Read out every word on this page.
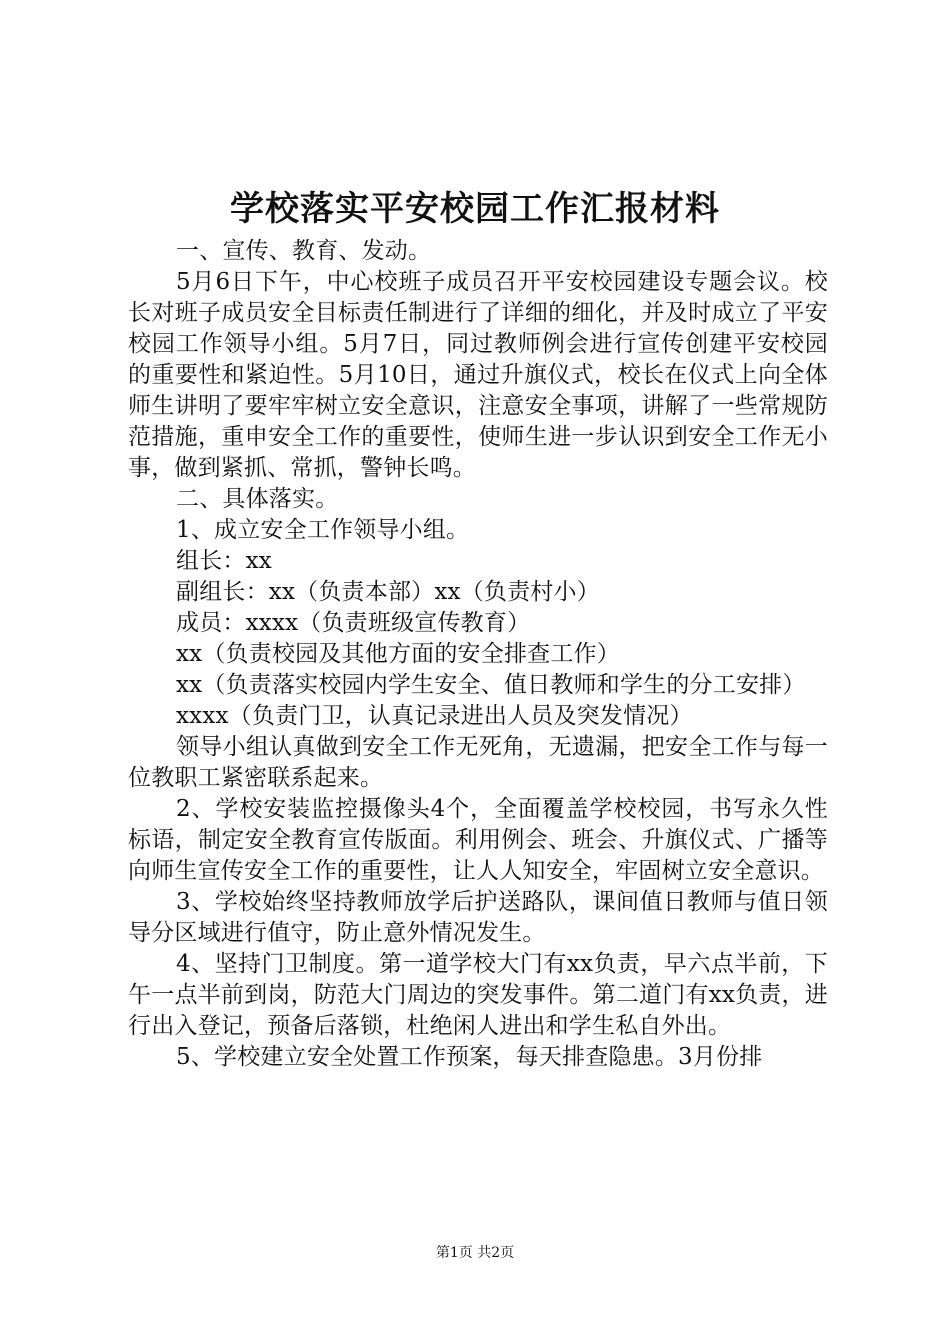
学校落实平安校园工作汇报材料

一、宣传、教育、发动。

5月6日下午，中心校班子成员召开平安校园建设专题会议。校长对班子成员安全目标责任制进行了详细的细化，并及时成立了平安校园工作领导小组。5月7日，同过教师例会进行宣传创建平安校园的重要性和紧迫性。5月10日，通过升旗仪式，校长在仪式上向全体师生讲明了要牢牢树立安全意识，注意安全事项，讲解了一些常规防范措施，重申安全工作的重要性，使师生进一步认识到安全工作无小事，做到紧抓、常抓，警钟长鸣。

二、具体落实。

1、成立安全工作领导小组。

组长：xx

副组长：xx（负责本部）xx（负责村小）

成员：xxxx（负责班级宣传教育）

xx（负责校园及其他方面的安全排查工作）

xx（负责落实校园内学生安全、值日教师和学生的分工安排）

xxxx（负责门卫，认真记录进出人员及突发情况）

领导小组认真做到安全工作无死角，无遗漏，把安全工作与每一位教职工紧密联系起来。

2、学校安装监控摄像头4个，全面覆盖学校校园，书写永久性标语，制定安全教育宣传版面。利用例会、班会、升旗仪式、广播等向师生宣传安全工作的重要性，让人人知安全，牢固树立安全意识。

3、学校始终坚持教师放学后护送路队，课间值日教师与值日领导分区域进行值守，防止意外情况发生。

4、坚持门卫制度。第一道学校大门有xx负责，早六点半前，下午一点半前到岗，防范大门周边的突发事件。第二道门有xx负责，进行出入登记，预备后落锁，杜绝闲人进出和学生私自外出。

5、学校建立安全处置工作预案，每天排查隐患。3月份排

第1页 共2页
